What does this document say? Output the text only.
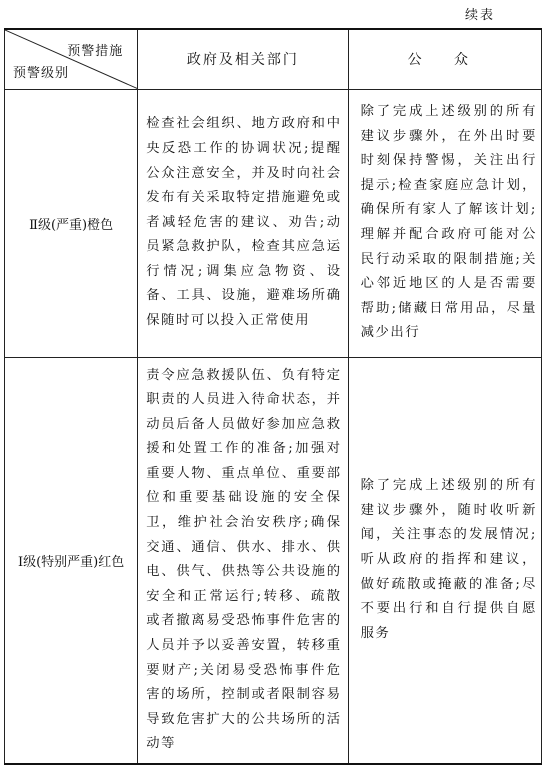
续表
预警措施
预警级别	政府及相关部门	公 众
Ⅱ级(严重)橙色	检查社会组织、地方政府和中央反恐工作的协调状况;提醒公众注意安全，并及时向社会发布有关采取特定措施避免或者减轻危害的建议、劝告;动员紧急救护队，检查其应急运行情况;调集应急物资、设备、工具、设施，避难场所确保随时可以投入正常使用	除了完成上述级别的所有建议步骤外，在外出时要时刻保持警惕，关注出行提示;检查家庭应急计划，确保所有家人了解该计划;理解并配合政府可能对公民行动采取的限制措施;关心邻近地区的人是否需要帮助;储藏日常用品，尽量减少出行
Ⅰ级(特别严重)红色	责令应急救援队伍、负有特定职责的人员进入待命状态，并动员后备人员做好参加应急救援和处置工作的准备;加强对重要人物、重点单位、重要部位和重要基础设施的安全保卫，维护社会治安秩序;确保交通、通信、供水、排水、供电、供气、供热等公共设施的安全和正常运行;转移、疏散或者撤离易受恐怖事件危害的人员并予以妥善安置，转移重要财产;关闭易受恐怖事件危害的场所，控制或者限制容易导致危害扩大的公共场所的活动等	除了完成上述级别的所有建议步骤外，随时收听新闻，关注事态的发展情况;听从政府的指挥和建议，做好疏散或掩蔽的准备;尽不要出行和自行提供自愿服务
